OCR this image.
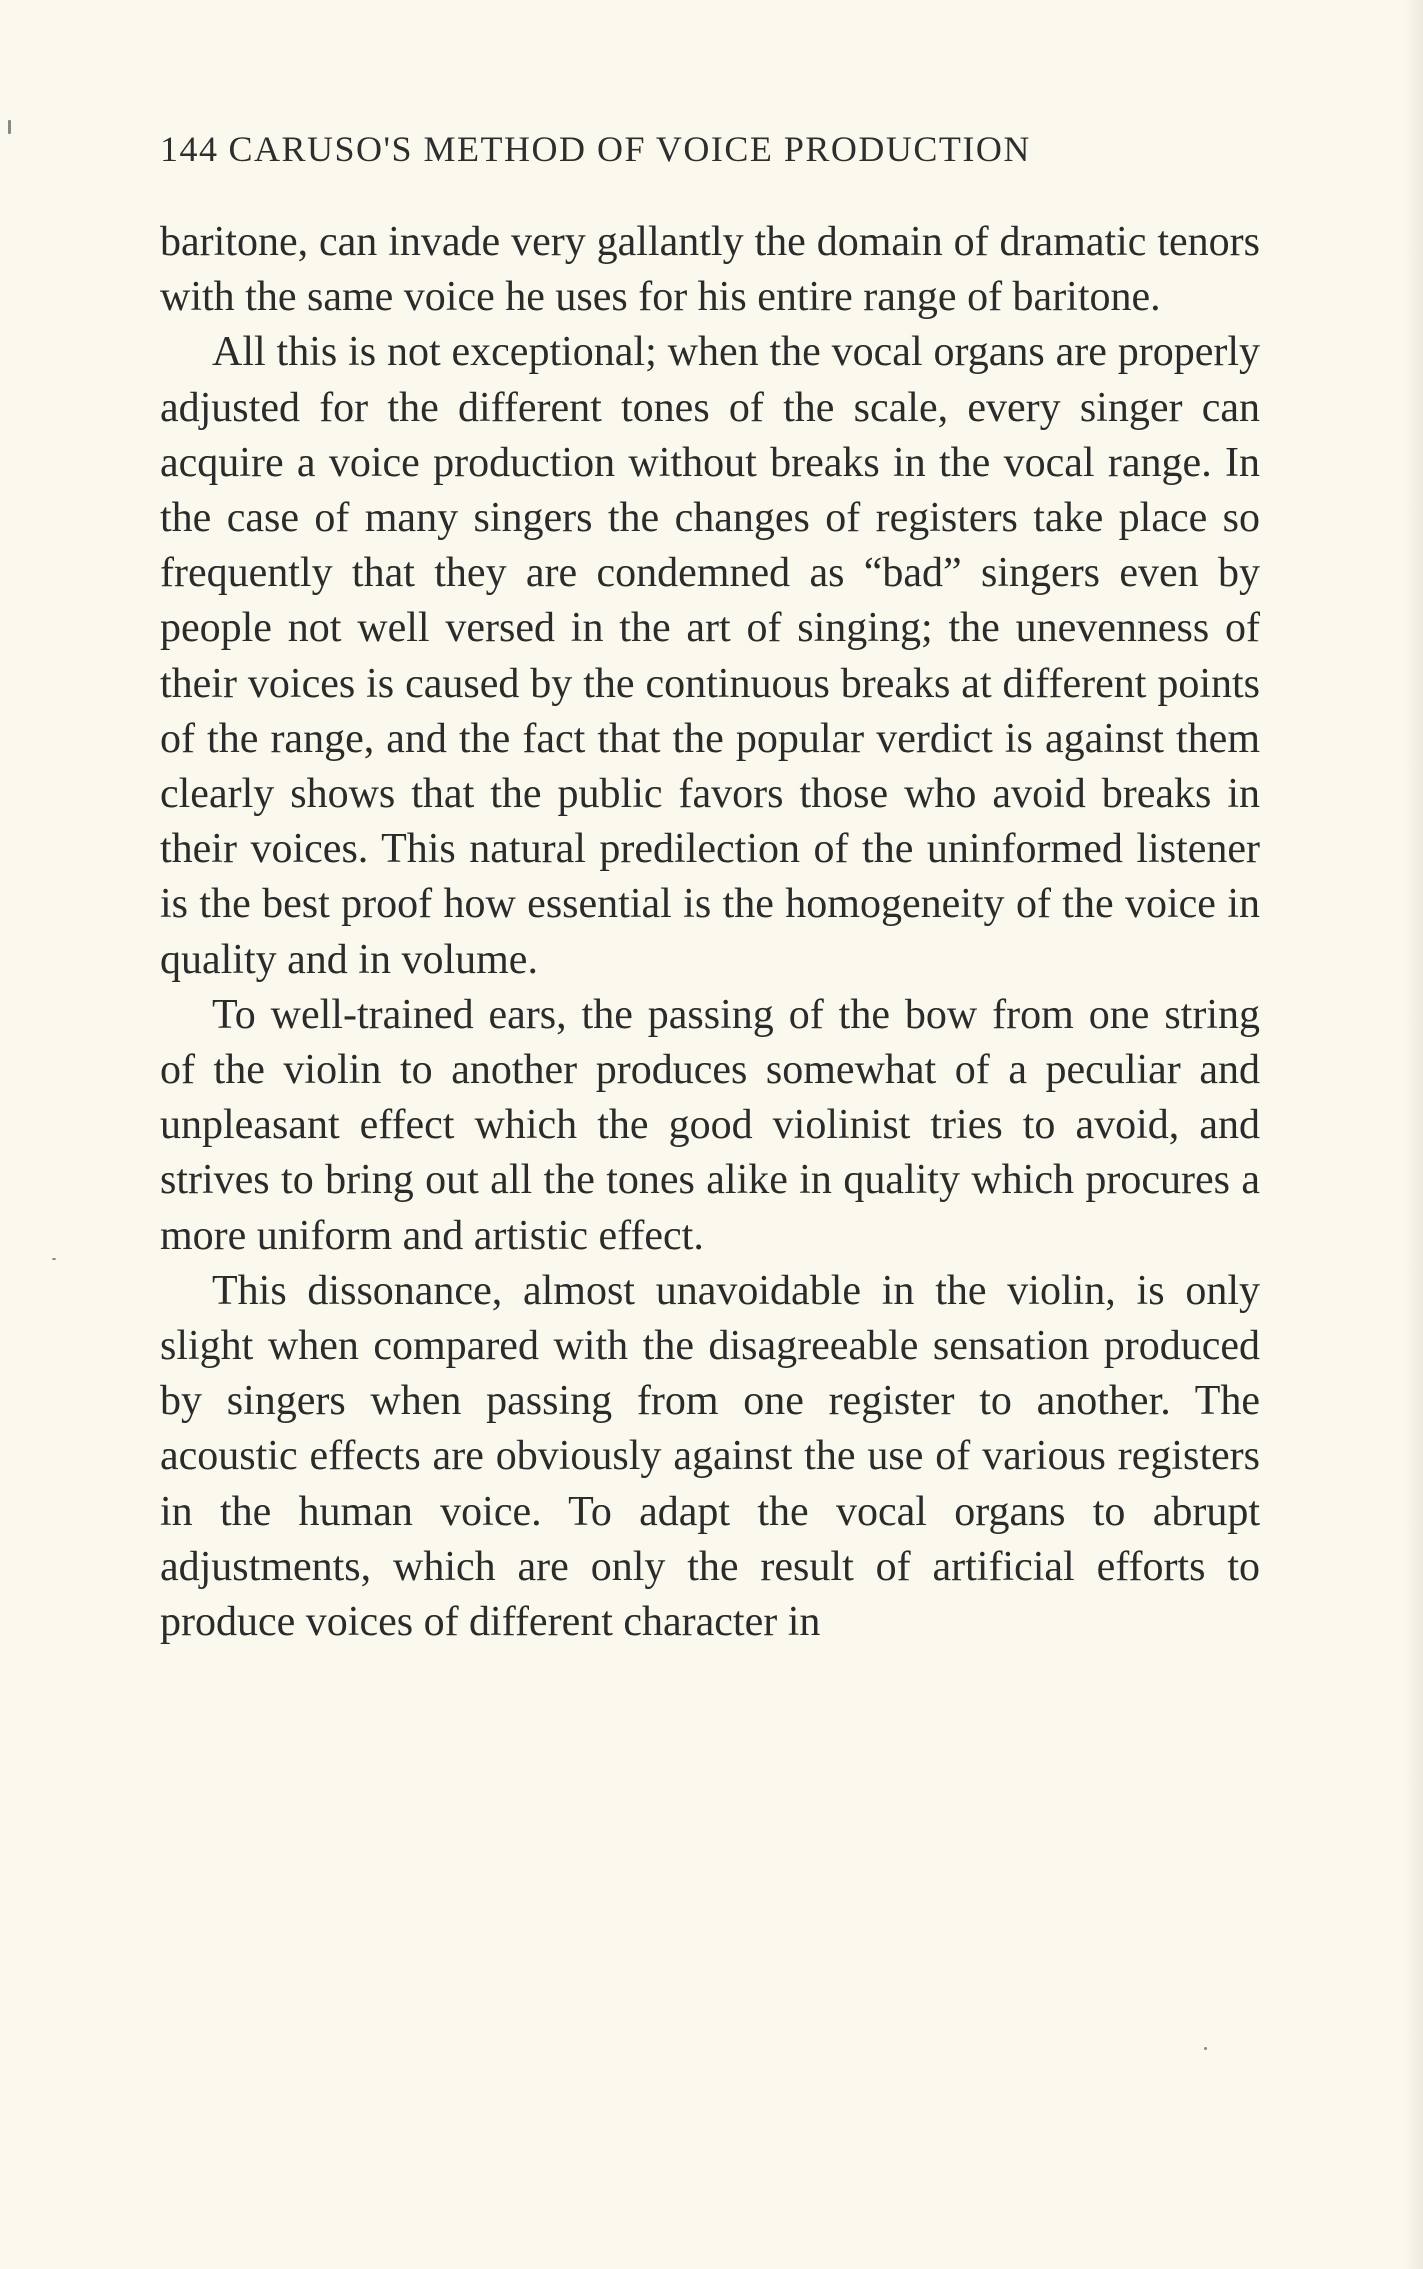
144 CARUSO'S METHOD OF VOICE PRODUCTION

baritone, can invade very gallantly the domain of dramatic tenors with the same voice he uses for his entire range of baritone.

All this is not exceptional; when the vocal organs are properly adjusted for the different tones of the scale, every singer can acquire a voice production without breaks in the vocal range. In the case of many singers the changes of registers take place so frequently that they are condemned as “bad” singers even by people not well versed in the art of singing; the unevenness of their voices is caused by the continuous breaks at different points of the range, and the fact that the popular verdict is against them clearly shows that the public favors those who avoid breaks in their voices. This natural predilection of the uninformed listener is the best proof how essential is the homogeneity of the voice in quality and in volume.

To well-trained ears, the passing of the bow from one string of the violin to another produces somewhat of a peculiar and unpleasant effect which the good violinist tries to avoid, and strives to bring out all the tones alike in quality which procures a more uniform and artistic effect.

This dissonance, almost unavoidable in the violin, is only slight when compared with the disagreeable sensation produced by singers when passing from one register to another. The acoustic effects are obviously against the use of various registers in the human voice. To adapt the vocal organs to abrupt adjustments, which are only the result of artificial efforts to produce voices of different character in
